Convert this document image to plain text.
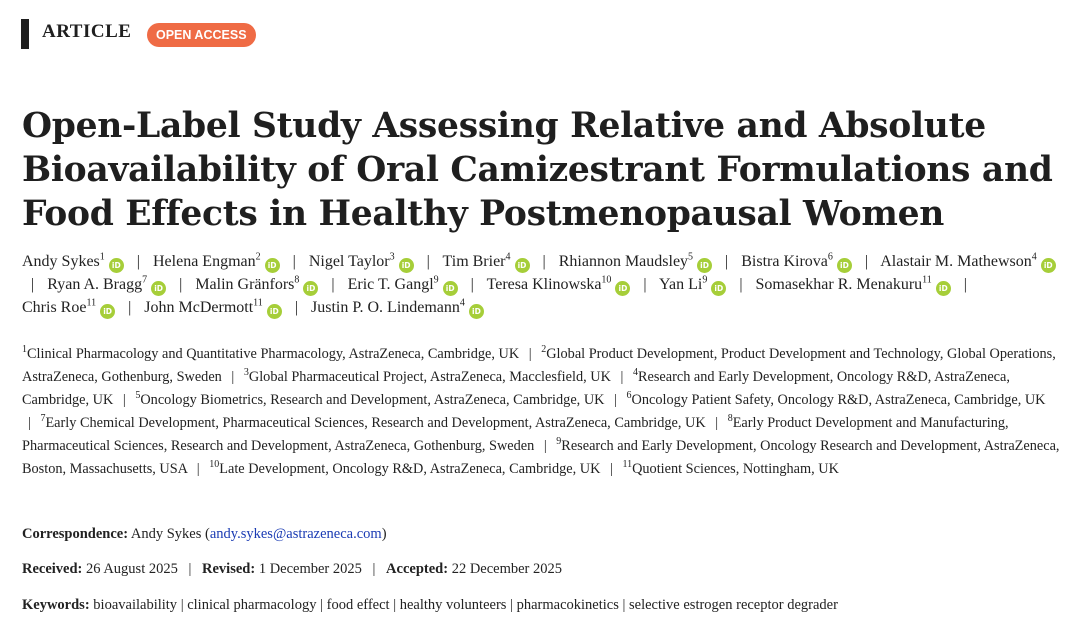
ARTICLE	OPEN ACCESS
Open-Label Study Assessing Relative and Absolute Bioavailability of Oral Camizestrant Formulations and Food Effects in Healthy Postmenopausal Women
Andy Sykes$^1$iD | Helena Engman$^2$iD | Nigel Taylor$^3$iD | Tim Brier$^4$iD | Rhiannon Maudsley$^5$iD | Bistra Kirova$^6$iD | Alastair M. Mathewson$^4$iD | Ryan A. Bragg$^7$iD | Malin Gränfors$^8$iD | Eric T. Gangl$^9$iD | Teresa Klinowska$^{10}$iD | Yan Li$^9$iD | Somasekhar R. Menakuru$^{11}$iD | Chris Roe$^{11}$iD | John McDermott$^{11}$iD | Justin P. O. Lindemann$^4$iD
$^1$Clinical Pharmacology and Quantitative Pharmacology, AstraZeneca, Cambridge, UK | $^2$Global Product Development, Product Development and Technology, Global Operations, AstraZeneca, Gothenburg, Sweden | $^3$Global Pharmaceutical Project, AstraZeneca, Macclesfield, UK | $^4$Research and Early Development, Oncology R&D, AstraZeneca, Cambridge, UK | $^5$Oncology Biometrics, Research and Development, AstraZeneca, Cambridge, UK | $^6$Oncology Patient Safety, Oncology R&D, AstraZeneca, Cambridge, UK | $^7$Early Chemical Development, Pharmaceutical Sciences, Research and Development, AstraZeneca, Cambridge, UK | $^8$Early Product Development and Manufacturing, Pharmaceutical Sciences, Research and Development, AstraZeneca, Gothenburg, Sweden | $^9$Research and Early Development, Oncology Research and Development, AstraZeneca, Boston, Massachusetts, USA | $^{10}$Late Development, Oncology R&D, AstraZeneca, Cambridge, UK | $^{11}$Quotient Sciences, Nottingham, UK
Correspondence: Andy Sykes (andy.sykes@astrazeneca.com)
Received: 26 August 2025 | Revised: 1 December 2025 | Accepted: 22 December 2025
Keywords: bioavailability | clinical pharmacology | food effect | healthy volunteers | pharmacokinetics | selective estrogen receptor degrader
